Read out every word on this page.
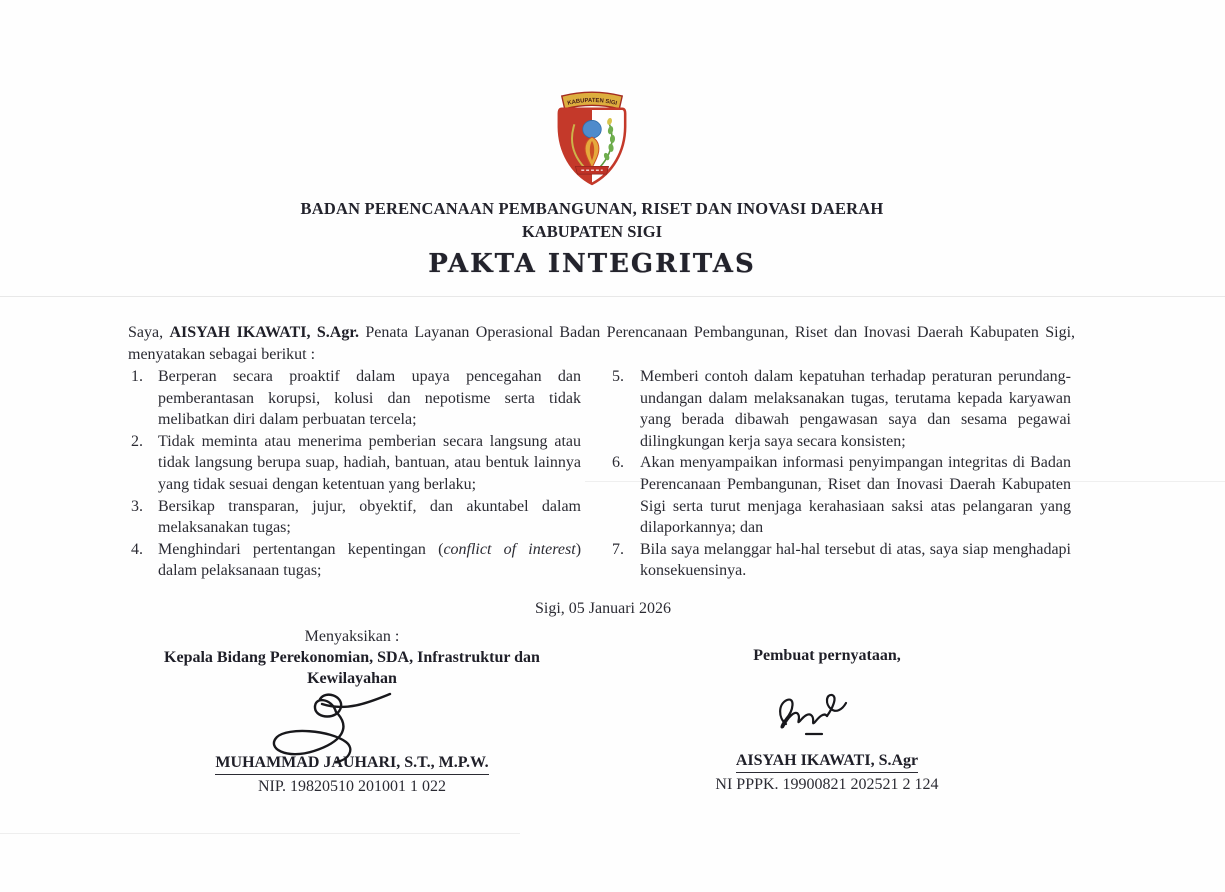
KABUPATEN SIGI
BADAN PERENCANAAN PEMBANGUNAN, RISET DAN INOVASI DAERAH
KABUPATEN SIGI
PAKTA INTEGRITAS

Saya, AISYAH IKAWATI, S.Agr. Penata Layanan Operasional Badan Perencanaan Pembangunan, Riset dan Inovasi Daerah Kabupaten Sigi, menyatakan sebagai berikut :

1. Berperan secara proaktif dalam upaya pencegahan dan pemberantasan korupsi, kolusi dan nepotisme serta tidak melibatkan diri dalam perbuatan tercela;
2. Tidak meminta atau menerima pemberian secara langsung atau tidak langsung berupa suap, hadiah, bantuan, atau bentuk lainnya yang tidak sesuai dengan ketentuan yang berlaku;
3. Bersikap transparan, jujur, obyektif, dan akuntabel dalam melaksanakan tugas;
4. Menghindari pertentangan kepentingan (conflict of interest) dalam pelaksanaan tugas;
5.	Memberi contoh dalam kepatuhan terhadap peraturan perundang-undangan dalam melaksanakan tugas, terutama kepada karyawan yang berada dibawah pengawasan saya dan sesama pegawai dilingkungan kerja saya secara konsisten;
6.	Akan menyampaikan informasi penyimpangan integritas di Badan Perencanaan Pembangunan, Riset dan Inovasi Daerah Kabupaten Sigi serta turut menjaga kerahasiaan saksi atas pelangaran yang dilaporkannya; dan
7.	Bila saya melanggar hal-hal tersebut di atas, saya siap menghadapi konsekuensinya.
Sigi, 05 Januari 2026
Menyaksikan :
Kepala Bidang Perekonomian, SDA, Infrastruktur dan
Kewilayahan
MUHAMMAD JAUHARI, S.T., M.P.W.
NIP. 19820510 201001 1 022
Pembuat pernyataan,
AISYAH IKAWATI, S.Agr
NI PPPK. 19900821 202521 2 124
